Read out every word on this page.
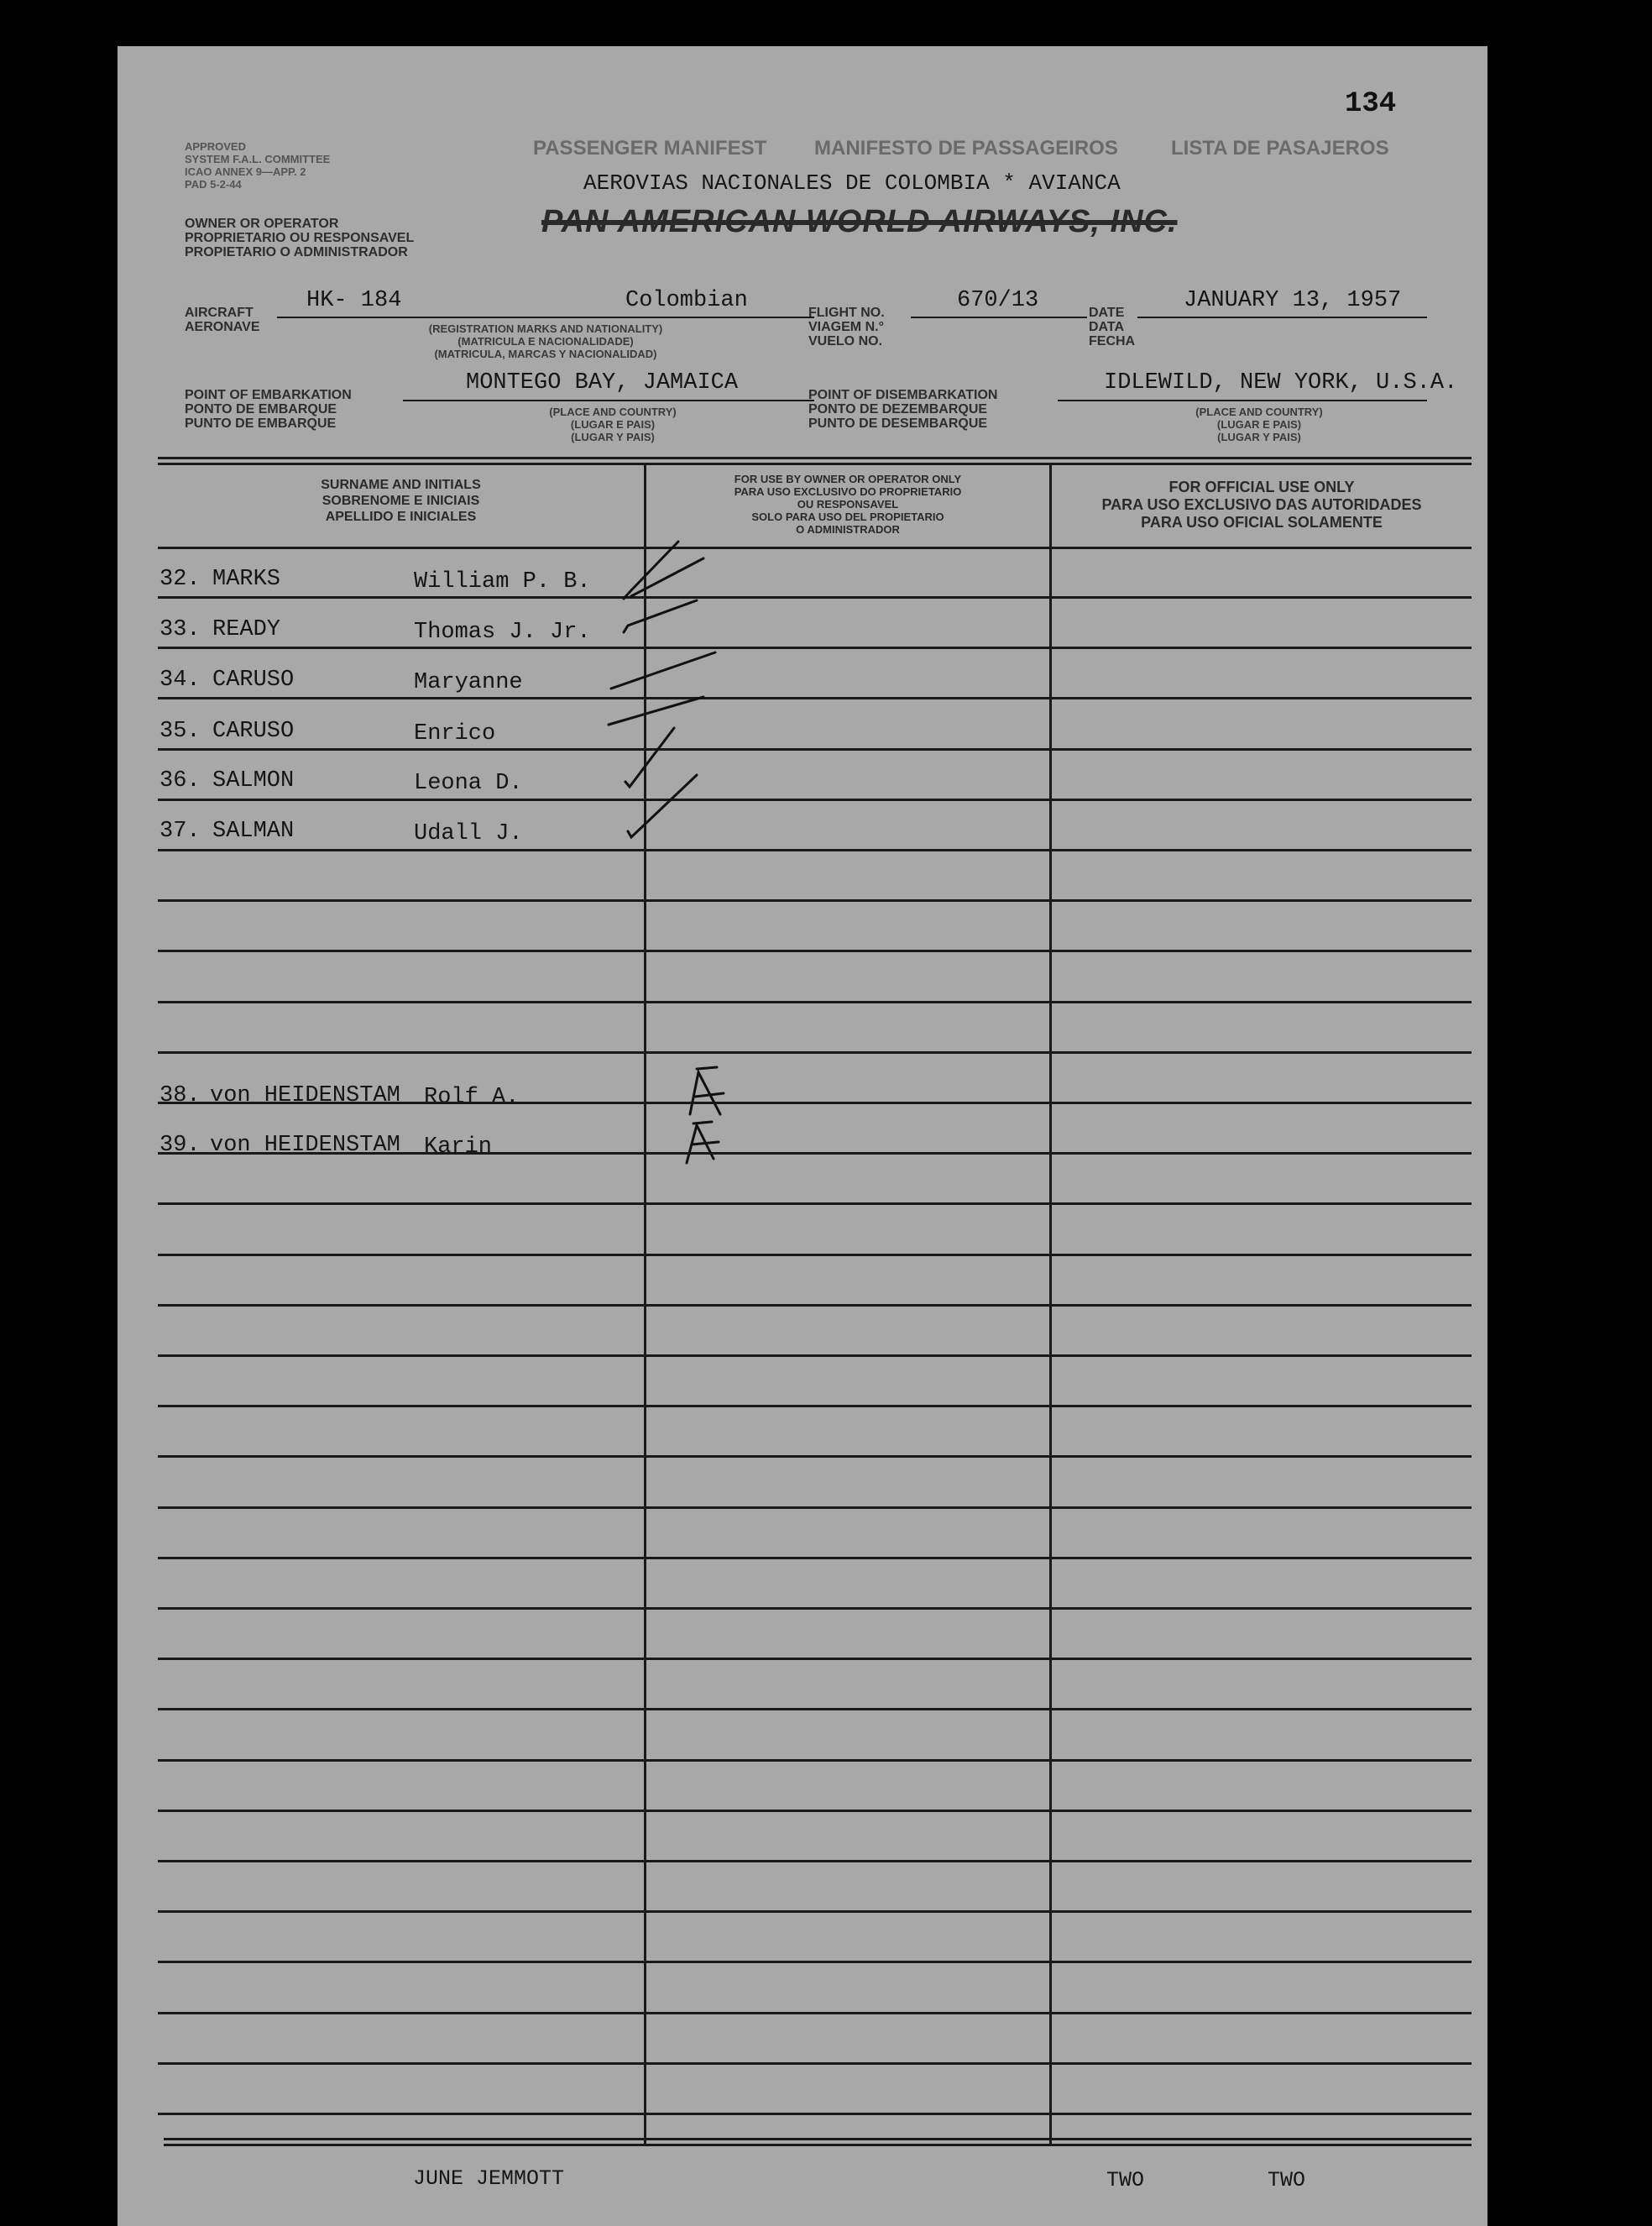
134
APPROVED
SYSTEM F.A.L. COMMITTEE
ICAO ANNEX 9—APP. 2
PAD 5-2-44
PASSENGER MANIFEST MANIFESTO DE PASSAGEIROS	LISTA DE PASAJEROS
AEROVIAS NACIONALES DE COLOMBIA * AVIANCA
PAN AMERICAN WORLD AIRWAYS, INC.
OWNER OR OPERATOR
PROPRIETARIO OU RESPONSAVEL
PROPIETARIO O ADMINISTRADOR
AIRCRAFT
AERONAVE
HK- 184	Colombian
(REGISTRATION MARKS AND NATIONALITY)
(MATRICULA E NACIONALIDADE)
(MATRICULA, MARCAS Y NACIONALIDAD)
FLIGHT NO.
VIAGEM N.°
VUELO NO.
670/13	DATE
DATA
FECHA
JANUARY 13, 1957
POINT OF EMBARKATION
PONTO DE EMBARQUE
PUNTO DE EMBARQUE
MONTEGO BAY, JAMAICA
(PLACE AND COUNTRY)
(LUGAR E PAIS)
(LUGAR Y PAIS)
POINT OF DISEMBARKATION
PONTO DE DEZEMBARQUE
PUNTO DE DESEMBARQUE
IDLEWILD, NEW YORK, U.S.A.
(PLACE AND COUNTRY)
(LUGAR E PAIS)
(LUGAR Y PAIS)
SURNAME AND INITIALS
SOBRENOME E INICIAIS
APELLIDO E INICIALES
FOR USE BY OWNER OR OPERATOR ONLY
PARA USO EXCLUSIVO DO PROPRIETARIO
OU RESPONSAVEL
SOLO PARA USO DEL PROPIETARIO
O ADMINISTRADOR
FOR OFFICIAL USE ONLY
PARA USO EXCLUSIVO DAS AUTORIDADES
PARA USO OFICIAL SOLAMENTE
32. MARKS	William P. B.
33. READY	Thomas J. Jr.
34. CARUSO	Maryanne
35. CARUSO	Enrico
36. SALMON	Leona D.
37. SALMAN	Udall J.
38. von HEIDENSTAM Rolf A.
39. von HEIDENSTAM Karin
JUNE JEMMOTT	TWO	TWO
